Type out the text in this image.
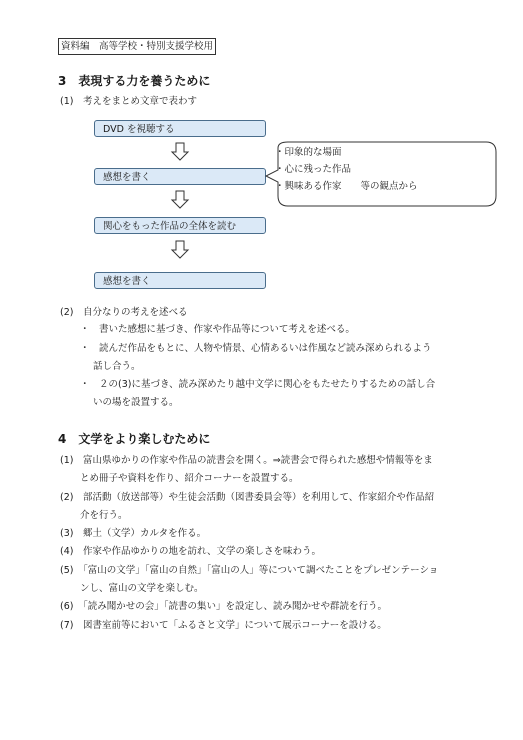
資料編　高等学校・特別支援学校用
3　表現する力を養うために
(1)　考えをまとめ文章で表わす
DVD を視聴する
感想を書く
関心をもった作品の全体を読む
感想を書く
・印象的な場面
・心に残った作品
・興味ある作家　　等の観点から
(2)　自分なりの考えを述べる
・　書いた感想に基づき、作家や作品等について考えを述べる。
・　読んだ作品をもとに、人物や情景、心情あるいは作風など読み深められるよう
話し合う。
・　２の(3)に基づき、読み深めたり越中文学に関心をもたせたりするための話し合
いの場を設置する。
4　文学をより楽しむために
(1)　富山県ゆかりの作家や作品の読書会を開く。⇒読書会で得られた感想や情報等をま
とめ冊子や資料を作り、紹介コーナーを設置する。
(2)　部活動（放送部等）や生徒会活動（図書委員会等）を利用して、作家紹介や作品紹
介を行う。
(3)　郷土（文学）カルタを作る。
(4)　作家や作品ゆかりの地を訪れ、文学の楽しさを味わう。
(5)　「富山の文学」「富山の自然」「富山の人」等について調べたことをプレゼンテーショ
ンし、富山の文学を楽しむ。
(6)　「読み聞かせの会」「読書の集い」を設定し、読み聞かせや群読を行う。
(7)　図書室前等において「ふるさと文学」について展示コーナーを設ける。
